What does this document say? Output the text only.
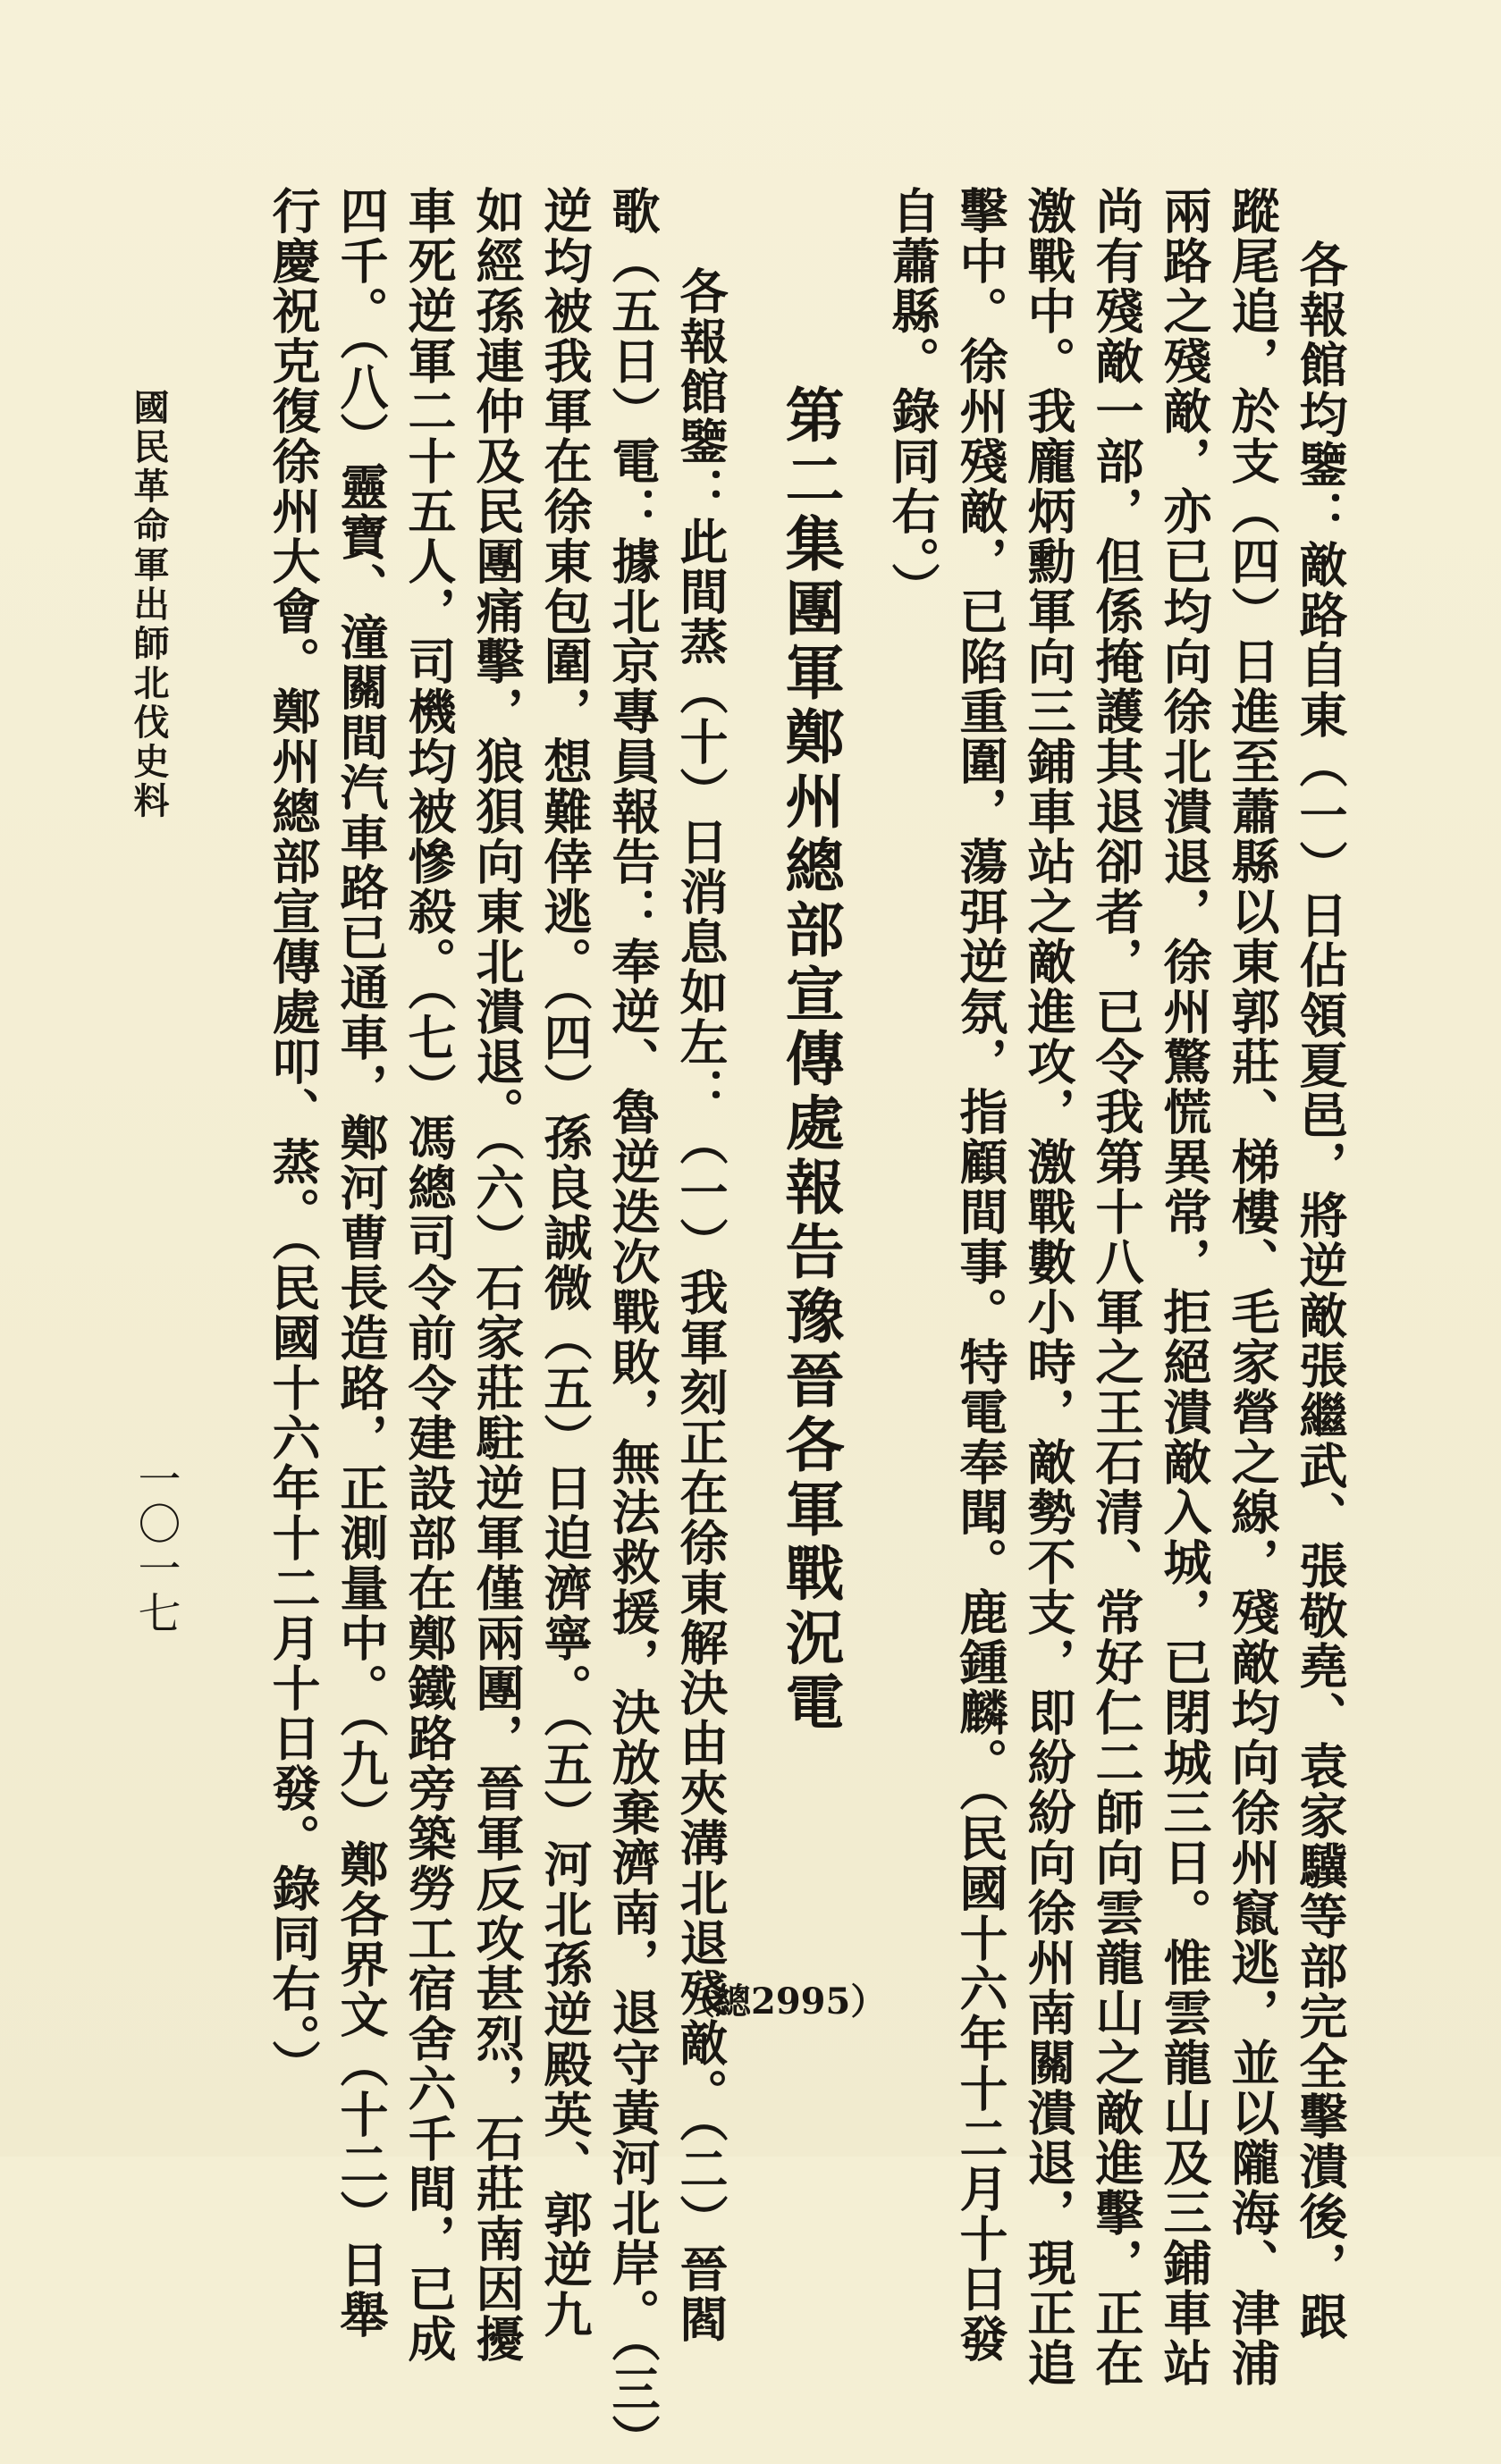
各報館均鑒：敵路自東（一）日佔領夏邑，將逆敵張繼武、張敬堯、袁家驥等部完全擊潰後，跟
蹤尾追，於支（四）日進至蕭縣以東郭莊、梯樓、毛家營之線，殘敵均向徐州竄逃，並以隴海、津浦
兩路之殘敵，亦已均向徐北潰退，徐州驚慌異常，拒絕潰敵入城，已閉城三日。惟雲龍山及三鋪車站
尚有殘敵一部，但係掩護其退卻者，已令我第十八軍之王石清、常好仁二師向雲龍山之敵進擊，正在
激戰中。我龐炳勳軍向三鋪車站之敵進攻，激戰數小時，敵勢不支，即紛紛向徐州南關潰退，現正追
擊中。徐州殘敵，已陷重圍，蕩弭逆氛，指顧間事。特電奉聞。鹿鍾麟。（民國十六年十二月十日發
自蕭縣。錄同右。）
第二集團軍鄭州總部宣傳處報告豫晉各軍戰況電
各報館鑒：此間蒸（十）日消息如左：（一）我軍刻正在徐東解決由夾溝北退殘敵。（二）晉閻
歌（五日）電：據北京專員報告：奉逆、魯逆迭次戰敗，無法救援，決放棄濟南，退守黃河北岸。（三）
逆均被我軍在徐東包圍，想難倖逃。（四）孫良誠微（五）日迫濟寧。（五）河北孫逆殿英、郭逆九
如經孫連仲及民團痛擊，狼狽向東北潰退。（六）石家莊駐逆軍僅兩團，晉軍反攻甚烈，石莊南因擾
車死逆軍二十五人，司機均被慘殺。（七）馮總司令前令建設部在鄭鐵路旁築勞工宿舍六千間，已成
四千。（八）靈寶、潼關間汽車路已通車，鄭河曹長造路，正測量中。（九）鄭各界文（十二）日舉
行慶祝克復徐州大會。鄭州總部宣傳處叩、蒸。（民國十六年十二月十日發。錄同右。）
國民革命軍出師北伐史料
一〇一七
（總2995）
